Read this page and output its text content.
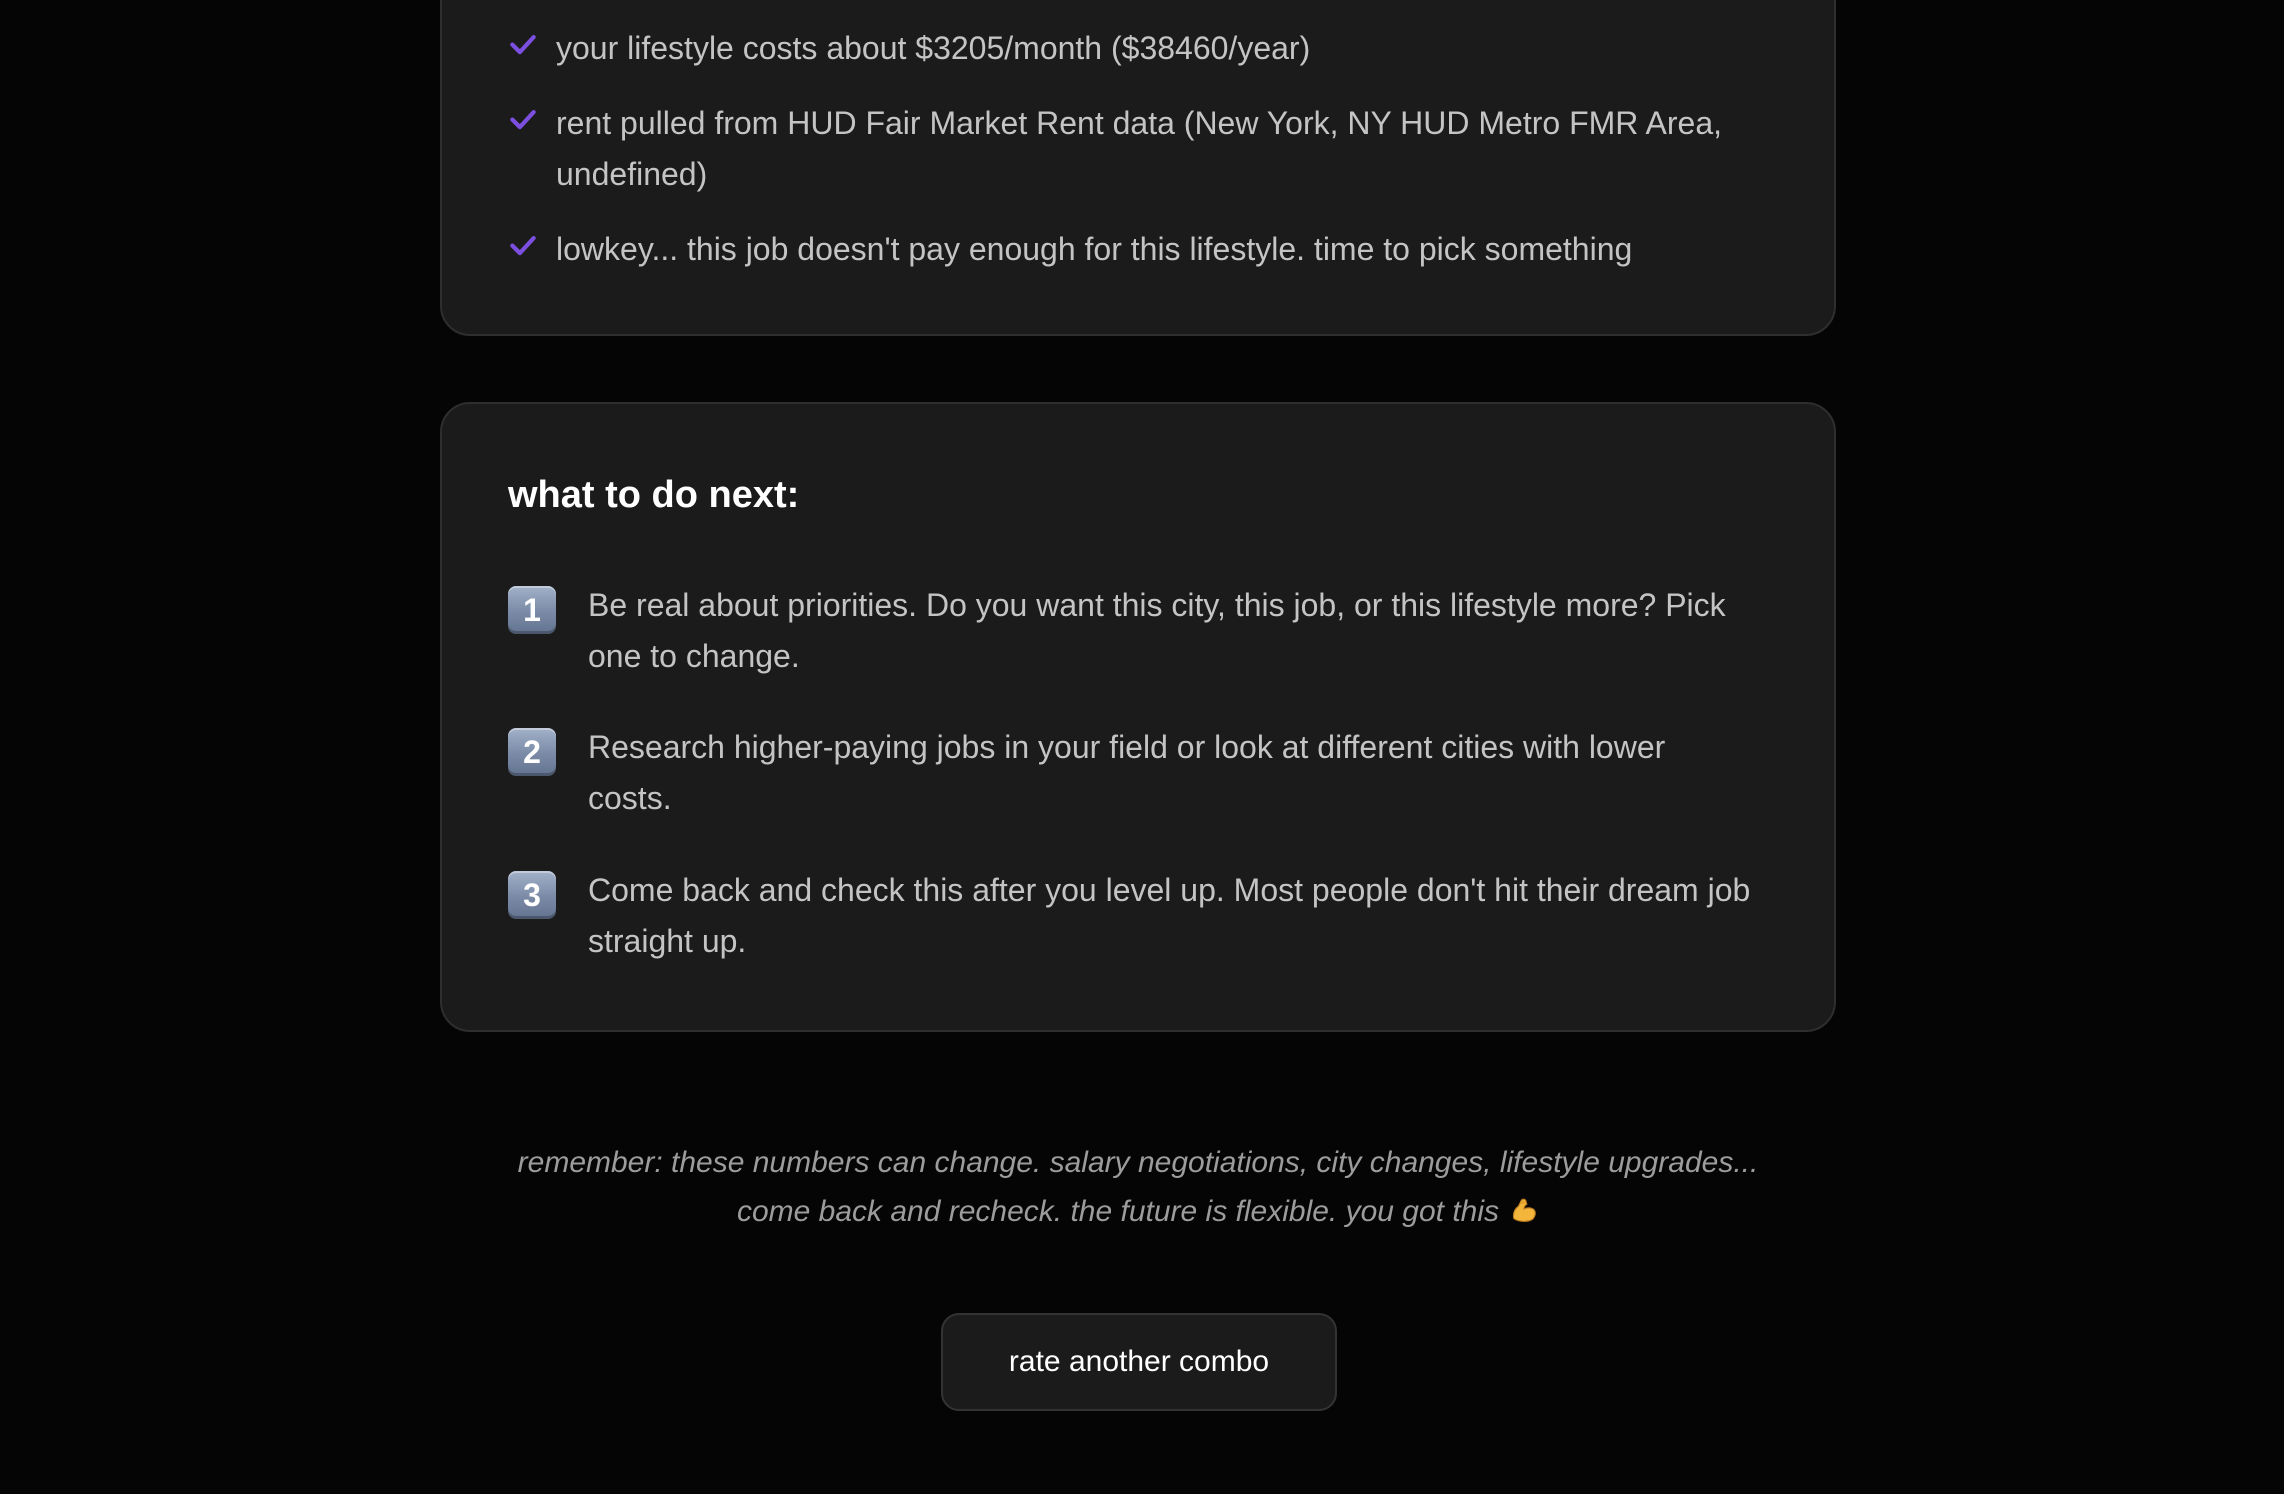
your lifestyle costs about $3205/month ($38460/year)
rent pulled from HUD Fair Market Rent data (New York, NY HUD Metro FMR Area, undefined)
lowkey... this job doesn't pay enough for this lifestyle. time to pick something
what to do next:
1	Be real about priorities. Do you want this city, this job, or this lifestyle more? Pick one to change.
2	Research higher-paying jobs in your field or look at different cities with lower costs.
3	Come back and check this after you level up. Most people don't hit their dream job straight up.

remember: these numbers can change. salary negotiations, city changes, lifestyle upgrades...
come back and recheck. the future is flexible. you got this

rate another combo
